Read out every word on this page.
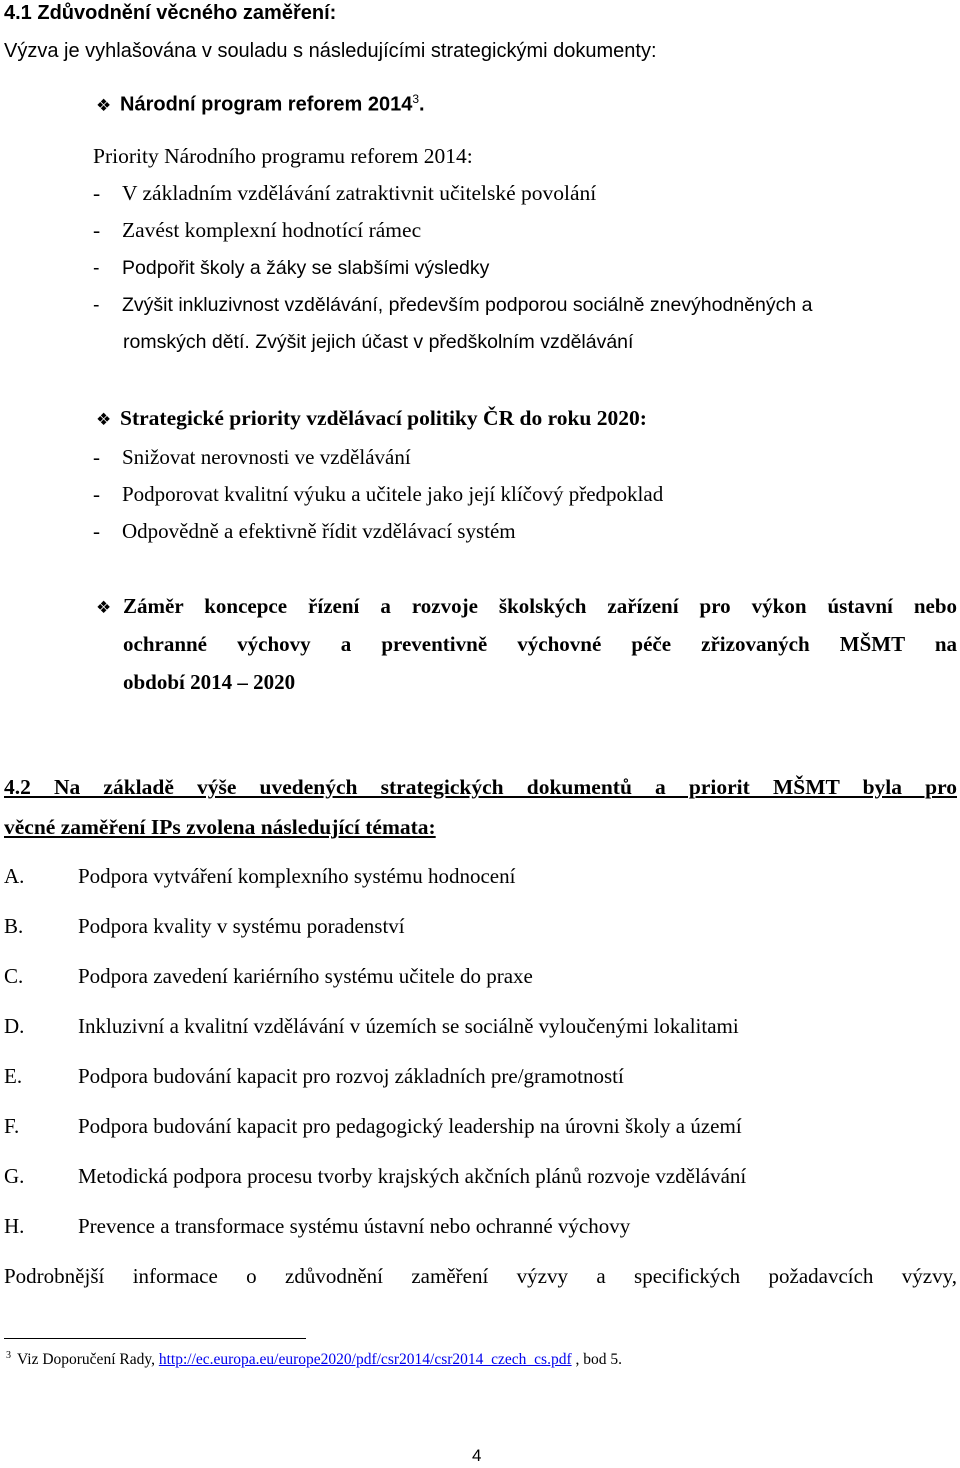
4.1 Zdůvodnění věcného zaměření:
Výzva je vyhlašována v souladu s následujícími strategickými dokumenty:
❖ Národní program reforem 2014$^3$.
Priority Národního programu reforem 2014:
- V základním vzdělávání zatraktivnit učitelské povolání
- Zavést komplexní hodnotící rámec
- Podpořit školy a žáky se slabšími výsledky
- Zvýšit inkluzivnost vzdělávání, především podporou sociálně znevýhodněných a
romských dětí. Zvýšit jejich účast v předškolním vzdělávání
❖ Strategické priority vzdělávací politiky ČR do roku 2020:
- Snižovat nerovnosti ve vzdělávání
- Podporovat kvalitní výuku a učitele jako její klíčový předpoklad
- Odpovědně a efektivně řídit vzdělávací systém
❖ Záměr koncepce řízení a rozvoje školských zařízení pro výkon ústavní nebo
ochranné výchovy a preventivně výchovné péče zřizovaných MŠMT na
období 2014 – 2020
4.2 Na základě výše uvedených strategických dokumentů a priorit MŠMT byla pro
věcné zaměření IPs zvolena následující témata:
A.	Podpora vytváření komplexního systému hodnocení
B.	Podpora kvality v systému poradenství
C.	Podpora zavedení kariérního systému učitele do praxe
D.	Inkluzivní a kvalitní vzdělávání v územích se sociálně vyloučenými lokalitami
E.	Podpora budování kapacit pro rozvoj základních pre/gramotností
F.	Podpora budování kapacit pro pedagogický leadership na úrovni školy a území
G.	Metodická podpora procesu tvorby krajských akčních plánů rozvoje vzdělávání
H.	Prevence a transformace systému ústavní nebo ochranné výchovy
Podrobnější informace o zdůvodnění zaměření výzvy a specifických požadavcích výzvy,
$^3$ Viz Doporučení Rady, http://ec.europa.eu/europe2020/pdf/csr2014/csr2014_czech_cs.pdf , bod 5.
4
